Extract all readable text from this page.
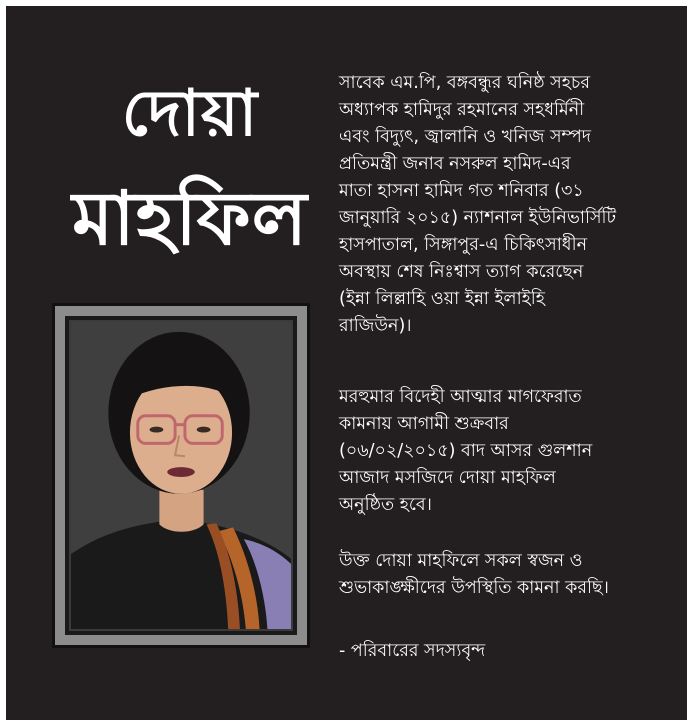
দোয়া
মাহফিল

সাবেক এম.পি, বঙ্গবন্ধুর ঘনিষ্ঠ সহচর
অধ্যাপক হামিদুর রহমানের সহধর্মিনী
এবং বিদ্যুৎ, জ্বালানি ও খনিজ সম্পদ
প্রতিমন্ত্রী জনাব নসরুল হামিদ-এর
মাতা হাসনা হামিদ গত শনিবার (৩১
জানুয়ারি ২০১৫) ন্যাশনাল ইউনিভার্সিটি
হাসপাতাল, সিঙ্গাপুর-এ চিকিৎসাধীন
অবস্থায় শেষ নিঃশ্বাস ত্যাগ করেছেন
(ইন্না লিল্লাহি ওয়া ইন্না ইলাইহি
রাজিউন)।

মরহুমার বিদেহী আত্মার মাগফেরাত
কামনায় আগামী শুক্রবার
(০৬/০২/২০১৫) বাদ আসর গুলশান
আজাদ মসজিদে দোয়া মাহফিল
অনুষ্ঠিত হবে।

উক্ত দোয়া মাহফিলে সকল স্বজন ও
শুভাকাঙ্ক্ষীদের উপস্থিতি কামনা করছি।

- পরিবারের সদস্যবৃন্দ
